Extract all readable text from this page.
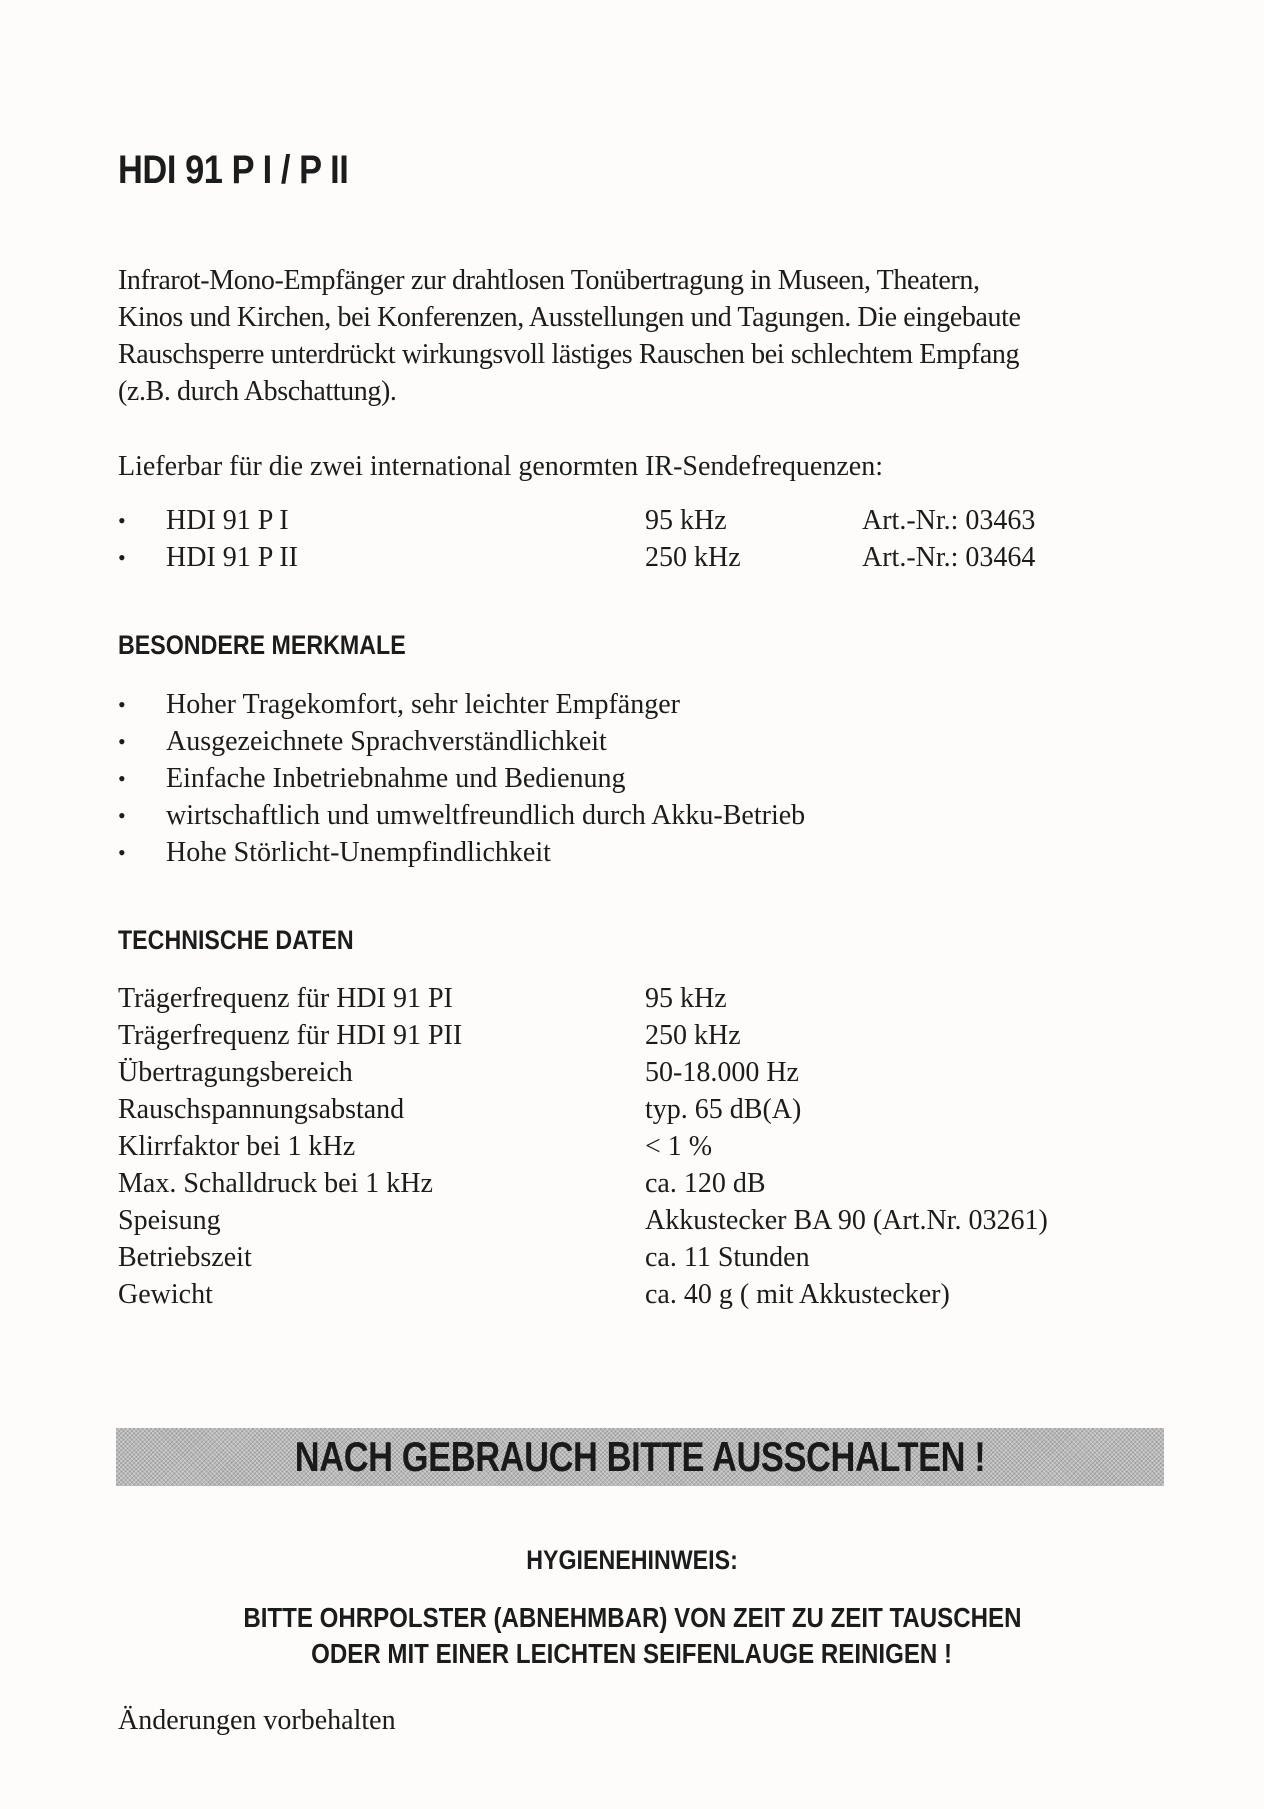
HDI 91 P I / P II
Infrarot-Mono-Empfänger zur drahtlosen Tonübertragung in Museen, Theatern,
Kinos und Kirchen, bei Konferenzen, Ausstellungen und Tagungen. Die eingebaute
Rauschsperre unterdrückt wirkungsvoll lästiges Rauschen bei schlechtem Empfang
(z.B. durch Abschattung).
Lieferbar für die zwei international genormten IR-Sendefrequenzen:
• HDI 91 P I	95 kHz	Art.-Nr.: 03463
• HDI 91 P II	250 kHz	Art.-Nr.: 03464
BESONDERE MERKMALE
• Hoher Tragekomfort, sehr leichter Empfänger
• Ausgezeichnete Sprachverständlichkeit
• Einfache Inbetriebnahme und Bedienung
• wirtschaftlich und umweltfreundlich durch Akku-Betrieb
• Hohe Störlicht-Unempfindlichkeit
TECHNISCHE DATEN
Trägerfrequenz für HDI 91 PI	95 kHz
Trägerfrequenz für HDI 91 PII	250 kHz
Übertragungsbereich	50-18.000 Hz
Rauschspannungsabstand	typ. 65 dB(A)
Klirrfaktor bei 1 kHz	< 1 %
Max. Schalldruck bei 1 kHz	ca. 120 dB
Speisung	Akkustecker BA 90 (Art.Nr. 03261)
Betriebszeit	ca. 11 Stunden
Gewicht	ca. 40 g ( mit Akkustecker)
NACH GEBRAUCH BITTE AUSSCHALTEN !
HYGIENEHINWEIS:
BITTE OHRPOLSTER (ABNEHMBAR) VON ZEIT ZU ZEIT TAUSCHEN
ODER MIT EINER LEICHTEN SEIFENLAUGE REINIGEN !
Änderungen vorbehalten
